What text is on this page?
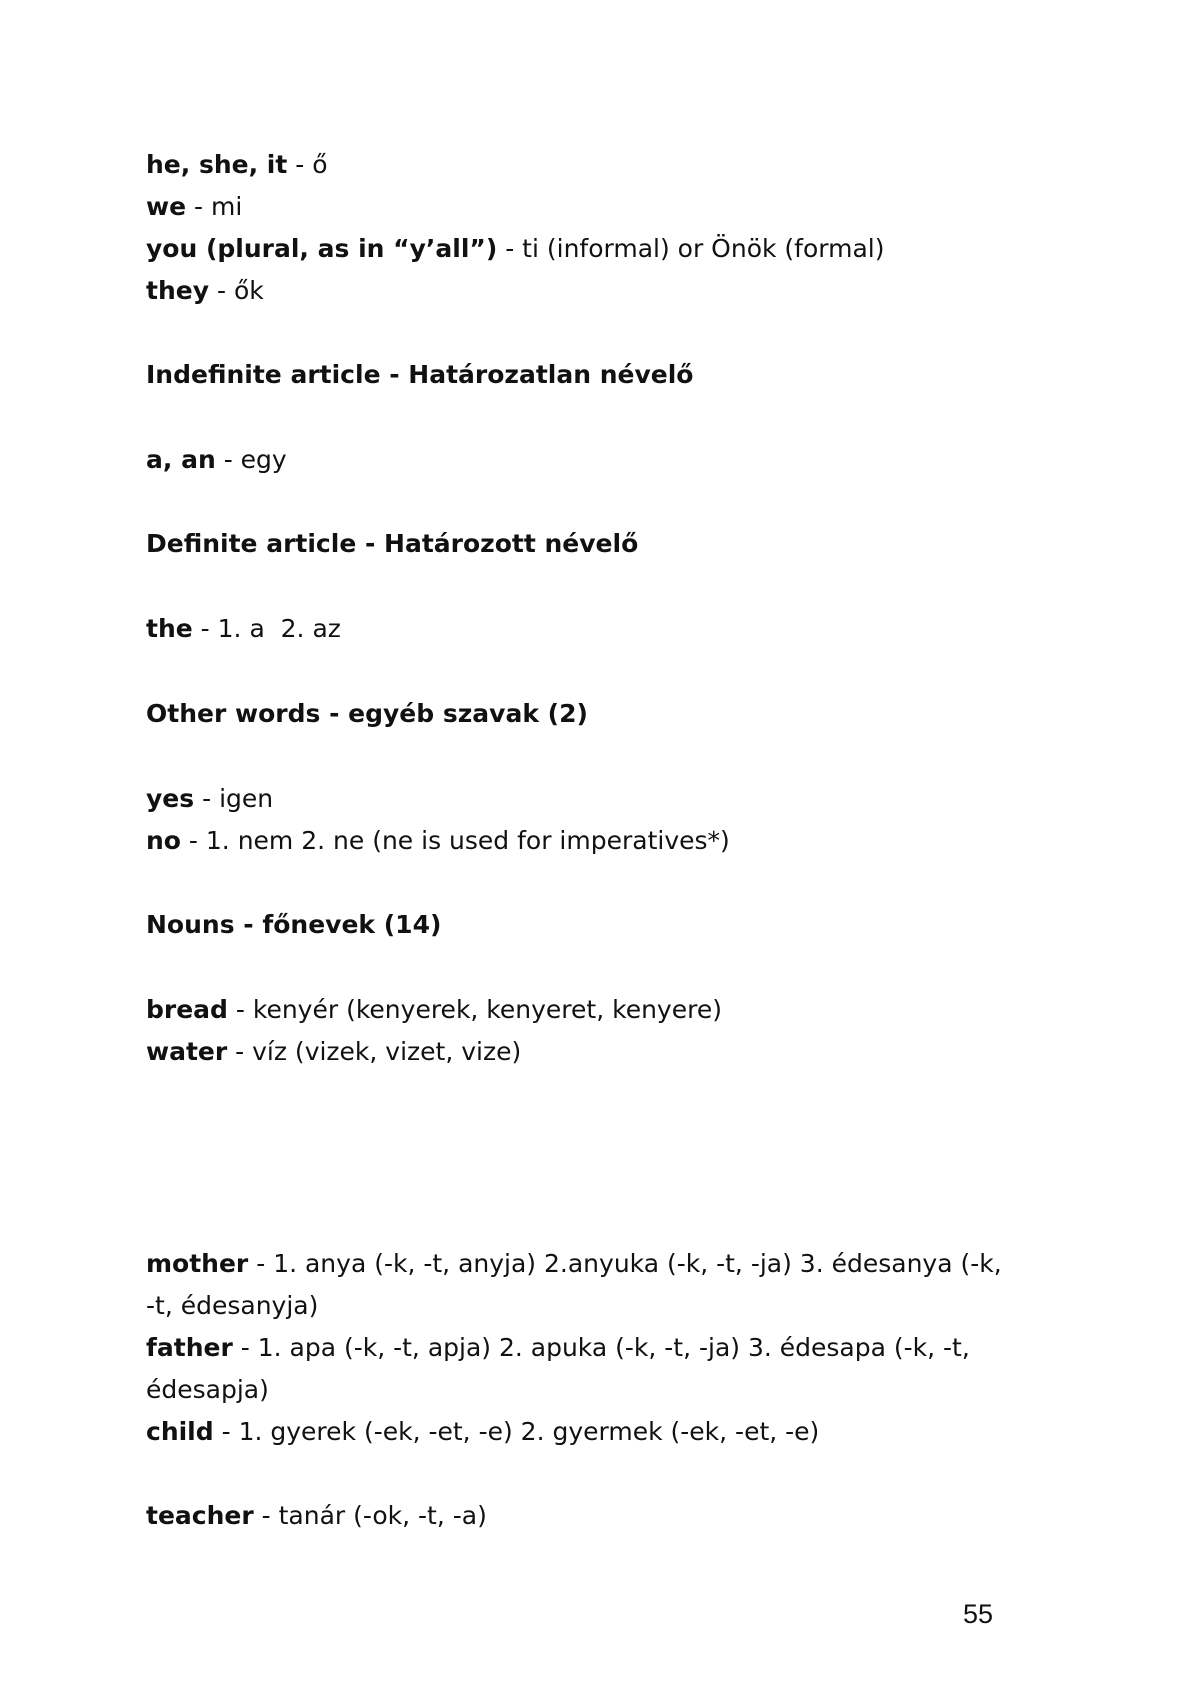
he, she, it - ő
we - mi
you (plural, as in “y’all”) - ti (informal) or Önök (formal)
they - ők
Indefinite article - Határozatlan névelő
a, an - egy
Definite article - Határozott névelő
the - 1. a  2. az
Other words - egyéb szavak (2)
yes - igen
no - 1. nem 2. ne (ne is used for imperatives*)
Nouns - főnevek (14)
bread - kenyér (kenyerek, kenyeret, kenyere)
water - víz (vizek, vizet, vize)
mother - 1. anya (-k, -t, anyja) 2.anyuka (-k, -t, -ja) 3. édesanya (-k,
-t, édesanyja)
father - 1. apa (-k, -t, apja) 2. apuka (-k, -t, -ja) 3. édesapa (-k, -t,
édesapja)
child - 1. gyerek (-ek, -et, -e) 2. gyermek (-ek, -et, -e)
teacher - tanár (-ok, -t, -a)
55
